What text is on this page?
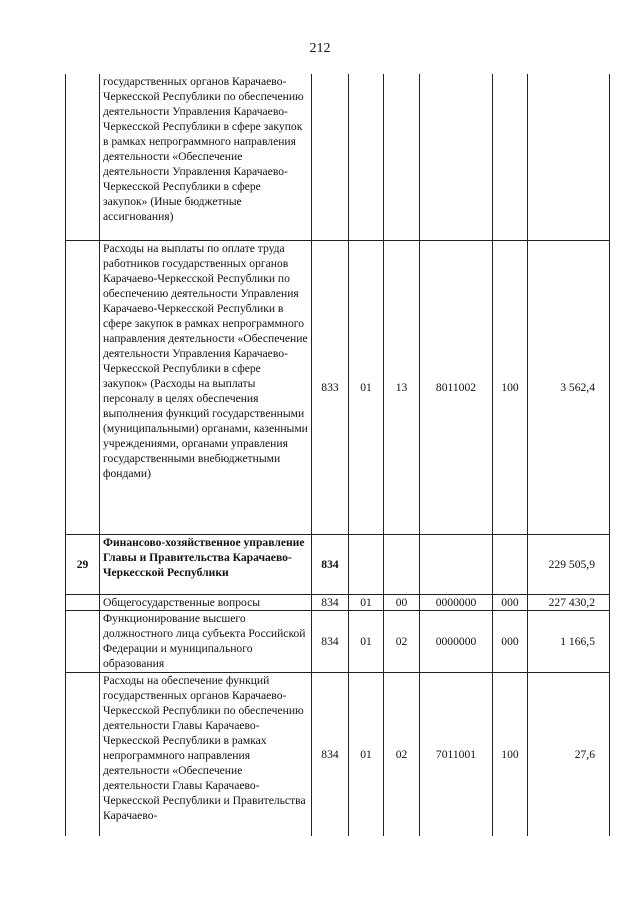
212
	государственных органов Карачаево-Черкесской Республики по обеспечению деятельности Управления Карачаево-Черкесской Республики в сфере закупок в рамках непрограммного направления деятельности «Обеспечение деятельности Управления Карачаево-Черкесской Республики в сфере закупок» (Иные бюджетные ассигнования)						
	Расходы на выплаты по оплате труда работников государственных органов Карачаево-Черкесской Республики по обеспечению деятельности Управления Карачаево-Черкесской Республики в сфере закупок в рамках непрограммного направления деятельности «Обеспечение деятельности Управления Карачаево-Черкесской Республики в сфере закупок» (Расходы на выплаты персоналу в целях обеспечения выполнения функций государственными (муниципальными) органами, казенными учреждениями, органами управления государственными внебюджетными фондами)	833	01	13	8011002	100	3 562,4
29	Финансово-хозяйственное управление Главы и Правительства Карачаево-Черкесской Республики	834					229 505,9
	Общегосударственные вопросы	834	01	00	0000000	000	227 430,2
	Функционирование высшего должностного лица субъекта Российской Федерации и муниципального образования	834	01	02	0000000	000	1 166,5
	Расходы на обеспечение функций государственных органов Карачаево-Черкесской Республики по обеспечению деятельности Главы Карачаево-Черкесской Республики в рамках непрограммного направления деятельности «Обеспечение деятельности Главы Карачаево-Черкесской Республики и Правительства Карачаево-	834	01	02	7011001	100	27,6
